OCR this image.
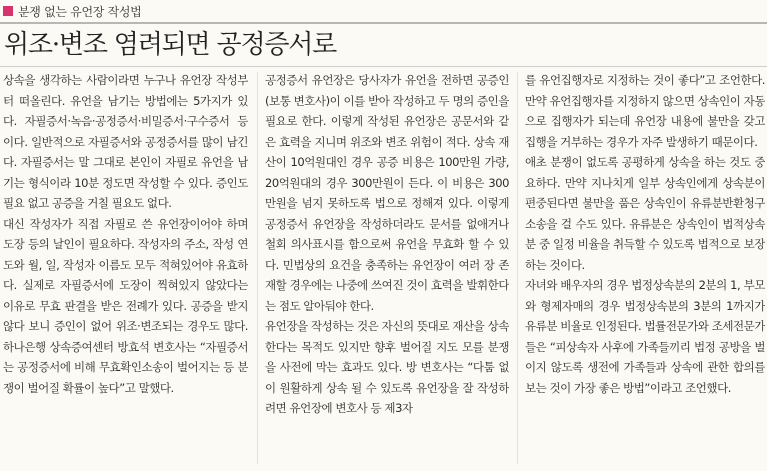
분쟁 없는 유언장 작성법
위조·변조 염려되면 공정증서로

상속을 생각하는 사람이라면 누구나 유언장 작성부터 떠올린다. 유언을 남기는 방법에는 5가지가 있다. 자필증서·녹음·공정증서·비밀증서·구수증서 등이다. 일반적으로 자필증서와 공정증서를 많이 남긴다. 자필증서는 말 그대로 본인이 자필로 유언을 남기는 형식이라 10분 정도면 작성할 수 있다. 증인도 필요 없고 공증을 거칠 필요도 없다.

대신 작성자가 직접 자필로 쓴 유언장이어야 하며 도장 등의 날인이 필요하다. 작성자의 주소, 작성 연도와 월, 일, 작성자 이름도 모두 적혀있어야 유효하다. 실제로 자필증서에 도장이 찍혀있지 않았다는 이유로 무효 판결을 받은 전례가 있다. 공증을 받지 않다 보니 증인이 없어 위조·변조되는 경우도 많다. 하나은행 상속증여센터 방효석 변호사는 “자필증서는 공정증서에 비해 무효확인소송이 벌어지는 등 분쟁이 벌어질 확률이 높다”고 말했다.

공정증서 유언장은 당사자가 유언을 전하면 공증인(보통 변호사)이 이를 받아 작성하고 두 명의 증인을 필요로 한다. 이렇게 작성된 유언장은 공문서와 같은 효력을 지니며 위조와 변조 위험이 적다. 상속 재산이 10억원대인 경우 공증 비용은 100만원 가량, 20억원대의 경우 300만원이 든다. 이 비용은 300만원을 넘지 못하도록 법으로 정해져 있다. 이렇게 공정증서 유언장을 작성하더라도 문서를 없애거나 철회 의사표시를 함으로써 유언을 무효화 할 수 있다. 민법상의 요건을 충족하는 유언장이 여러 장 존재할 경우에는 나중에 쓰여진 것이 효력을 발휘한다는 점도 알아둬야 한다.

유언장을 작성하는 것은 자신의 뜻대로 재산을 상속한다는 목적도 있지만 향후 벌어질 지도 모를 분쟁을 사전에 막는 효과도 있다. 방 변호사는 “다툼 없이 원활하게 상속 될 수 있도록 유언장을 잘 작성하려면 유언장에 변호사 등 제3자

를 유언집행자로 지정하는 것이 좋다”고 조언한다. 만약 유언집행자를 지정하지 않으면 상속인이 자동으로 집행자가 되는데 유언장 내용에 불만을 갖고 집행을 거부하는 경우가 자주 발생하기 때문이다.

애초 분쟁이 없도록 공평하게 상속을 하는 것도 중요하다. 만약 지나치게 일부 상속인에게 상속분이 편중된다면 불만을 품은 상속인이 유류분반환청구 소송을 걸 수도 있다. 유류분은 상속인이 법적상속분 중 일정 비율을 취득할 수 있도록 법적으로 보장하는 것이다.

자녀와 배우자의 경우 법정상속분의 2분의 1, 부모와 형제자매의 경우 법정상속분의 3분의 1까지가 유류분 비율로 인정된다. 법률전문가와 조세전문가들은 “피상속자 사후에 가족들끼리 법정 공방을 벌이지 않도록 생전에 가족들과 상속에 관한 합의를 보는 것이 가장 좋은 방법”이라고 조언했다.
